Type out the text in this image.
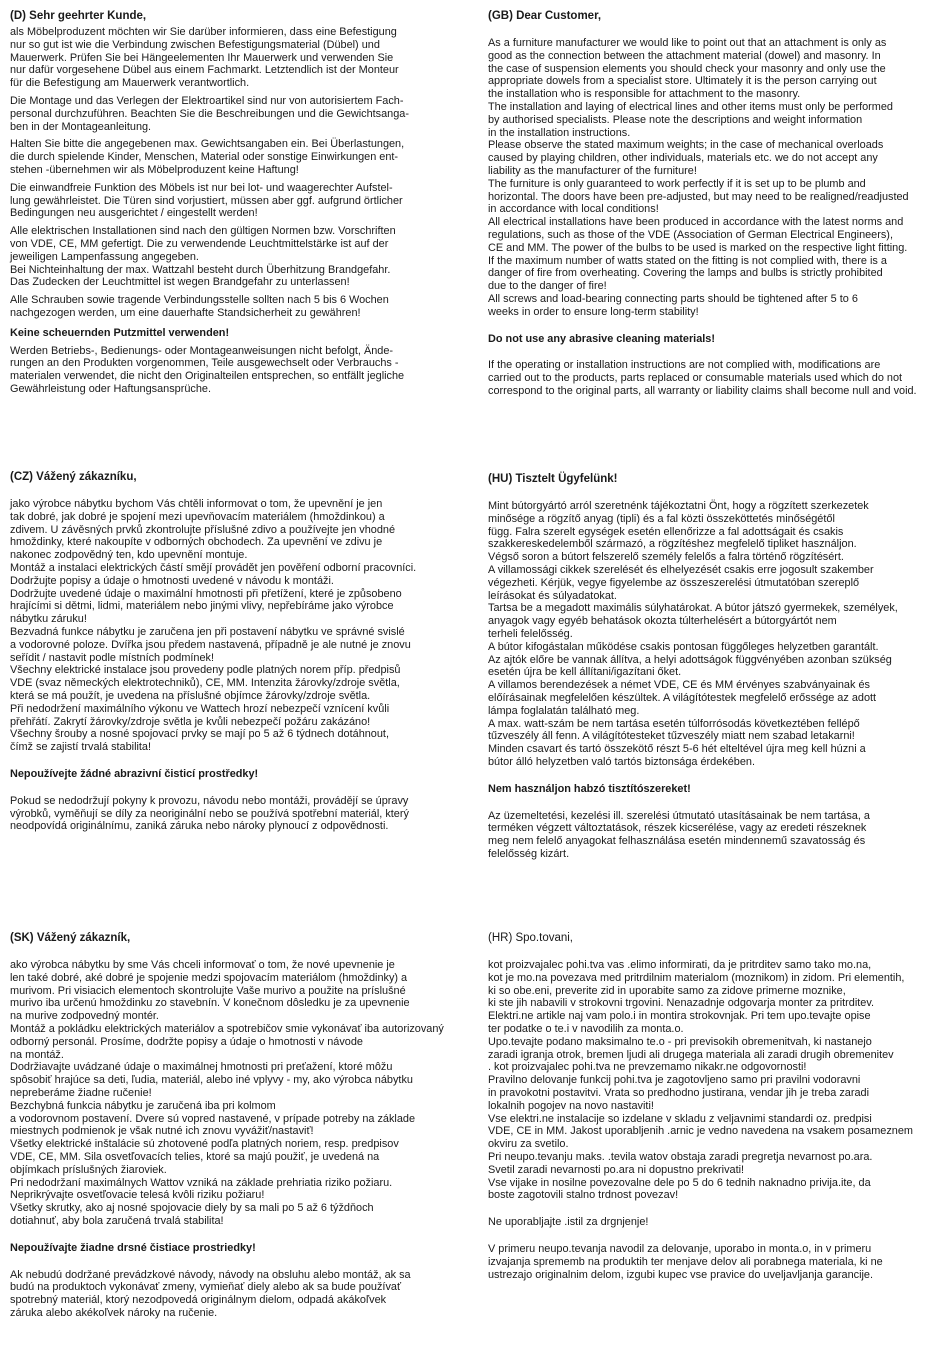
(D) Sehr geehrter Kunde,

als Möbelproduzent möchten wir Sie darüber informieren, dass eine Befestigung
nur so gut ist wie die Verbindung zwischen Befestigungsmaterial (Dübel) und
Mauerwerk. Prüfen Sie bei Hängeelementen Ihr Mauerwerk und verwenden Sie
nur dafür vorgesehene Dübel aus einem Fachmarkt. Letztendlich ist der Monteur
für die Befestigung am Mauerwerk verantwortlich.
Die Montage und das Verlegen der Elektroartikel sind nur von autorisiertem Fach-
personal durchzuführen. Beachten Sie die Beschreibungen und die Gewichtsanga-
ben in der Montageanleitung.
Halten Sie bitte die angegebenen max. Gewichtsangaben ein. Bei Überlastungen,
die durch spielende Kinder, Menschen, Material oder sonstige Einwirkungen ent-
stehen -übernehmen wir als Möbelproduzent keine Haftung!
Die einwandfreie Funktion des Möbels ist nur bei lot- und waagerechter Aufstel-
lung gewährleistet. Die Türen sind vorjustiert, müssen aber ggf. aufgrund örtlicher
Bedingungen neu ausgerichtet / eingestellt werden!
Alle elektrischen Installationen sind nach den gültigen Normen bzw. Vorschriften
von VDE, CE, MM gefertigt. Die zu verwendende Leuchtmittelstärke ist auf der
jeweiligen Lampenfassung angegeben.
Bei Nichteinhaltung der max. Wattzahl besteht durch Überhitzung Brandgefahr.
Das Zudecken der Leuchtmittel ist wegen Brandgefahr zu unterlassen!
Alle Schrauben sowie tragende Verbindungsstelle sollten nach 5 bis 6 Wochen
nachgezogen werden, um eine dauerhafte Standsicherheit zu gewähren!
Keine scheuernden Putzmittel verwenden!
Werden Betriebs-, Bedienungs- oder Montageanweisungen nicht befolgt, Ände-
rungen an den Produkten vorgenommen, Teile ausgewechselt oder Verbrauchs -
materialen verwendet, die nicht den Originalteilen entsprechen, so entfällt jegliche
Gewährleistung oder Haftungsansprüche.

(GB) Dear Customer,

As a furniture manufacturer we would like to point out that an attachment is only as
good as the connection between the attachment material (dowel) and masonry. In
the case of suspension elements you should check your masonry and only use the
appropriate dowels from a specialist store. Ultimately it is the person carrying out
the installation who is responsible for attachment to the masonry.
The installation and laying of electrical lines and other items must only be performed
by authorised specialists. Please note the descriptions and weight information
in the installation instructions.
Please observe the stated maximum weights; in the case of mechanical overloads
caused by playing children, other individuals, materials etc. we do not accept any
liability as the manufacturer of the furniture!
The furniture is only guaranteed to work perfectly if it is set up to be plumb and
horizontal. The doors have been pre-adjusted, but may need to be realigned/readjusted
in accordance with local conditions!
All electrical installations have been produced in accordance with the latest norms and
regulations, such as those of the VDE (Association of German Electrical Engineers),
CE and MM. The power of the bulbs to be used is marked on the respective light fitting.
If the maximum number of watts stated on the fitting is not complied with, there is a
danger of fire from overheating. Covering the lamps and bulbs is strictly prohibited
due to the danger of fire!
All screws and load-bearing connecting parts should be tightened after 5 to 6
weeks in order to ensure long-term stability!
Do not use any abrasive cleaning materials!
If the operating or installation instructions are not complied with, modifications are
carried out to the products, parts replaced or consumable materials used which do not
correspond to the original parts, all warranty or liability claims shall become null and void.

(CZ) Vážený zákazníku,

jako výrobce nábytku bychom Vás chtěli informovat o tom, že upevnění je jen
tak dobré, jak dobré je spojení mezi upevňovacím materiálem (hmoždinkou) a
zdivem. U závěsných prvků zkontrolujte příslušné zdivo a používejte jen vhodné
hmoždinky, které nakoupíte v odborných obchodech. Za upevnění ve zdivu je
nakonec zodpovědný ten, kdo upevnění montuje.
Montáž a instalaci elektrických částí smějí provádět jen pověření odborní pracovníci.
Dodržujte popisy a údaje o hmotnosti uvedené v návodu k montáži.
Dodržujte uvedené údaje o maximální hmotnosti při přetížení, které je způsobeno
hrajícími si dětmi, lidmi, materiálem nebo jinými vlivy, nepřebíráme jako výrobce
nábytku záruku!
Bezvadná funkce nábytku je zaručena jen při postavení nábytku ve správné svislé
a vodorovné poloze. Dvířka jsou předem nastavená, případně je ale nutné je znovu
seřídit / nastavit podle místních podmínek!
Všechny elektrické instalace jsou provedeny podle platných norem příp. předpisů
VDE (svaz německých elektrotechniků), CE, MM. Intenzita žárovky/zdroje světla,
která se má použít, je uvedena na příslušné objímce žárovky/zdroje světla.
Při nedodržení maximálního výkonu ve Wattech hrozí nebezpečí vznícení kvůli
přehřátí. Zakrytí žárovky/zdroje světla je kvůli nebezpečí požáru zakázáno!
Všechny šrouby a nosné spojovací prvky se mají po 5 až 6 týdnech dotáhnout,
čímž se zajistí trvalá stabilita!
Nepoužívejte žádné abrazivní čisticí prostředky!
Pokud se nedodržují pokyny k provozu, návodu nebo montáži, provádějí se úpravy
výrobků, vyměňují se díly za neoriginální nebo se používá spotřební materiál, který
neodpovídá originálnímu, zaniká záruka nebo nároky plynoucí z odpovědnosti.

(HU) Tisztelt Ügyfelünk!

Mint bútorgyártó arról szeretnénk tájékoztatni Önt, hogy a rögzített szerkezetek
minősége a rögzítő anyag (tipli) és a fal közti összeköttetés minőségétől
függ. Falra szerelt egységek esetén ellenőrizze a fal adottságait és csakis
szakkereskedelemből származó, a rögzítéshez megfelelő tipliket használjon.
Végső soron a bútort felszerelő személy felelős a falra történő rögzítésért.
A villamossági cikkek szerelését és elhelyezését csakis erre jogosult szakember
végezheti. Kérjük, vegye figyelembe az összeszerelési útmutatóban szereplő
leírásokat és súlyadatokat.
Tartsa be a megadott maximális súlyhatárokat. A bútor játszó gyermekek, személyek,
anyagok vagy egyéb behatások okozta túlterhelésért a bútorgyártót nem
terheli felelősség.
A bútor kifogástalan működése csakis pontosan függőleges helyzetben garantált.
Az ajtók előre be vannak állítva, a helyi adottságok függvényében azonban szükség
esetén újra be kell állítani/igazítani őket.
A villamos berendezések a német VDE, CE és MM érvényes szabványainak és
előírásainak megfelelően készültek. A világítótestek megfelelő erőssége az adott
lámpa foglalatán található meg.
A max. watt-szám be nem tartása esetén túlforrósodás következtében fellépő
tűzveszély áll fenn. A világítótesteket tűzveszély miatt nem szabad letakarni!
Minden csavart és tartó összekötő részt 5-6 hét elteltével újra meg kell húzni a
bútor álló helyzetben való tartós biztonsága érdekében.
Nem használjon habzó tisztítószereket!
Az üzemeltetési, kezelési ill. szerelési útmutató utasításainak be nem tartása, a
terméken végzett változtatások, részek kicserélése, vagy az eredeti részeknek
meg nem felelő anyagokat felhasználása esetén mindennemű szavatosság és
felelősség kizárt.

(SK) Vážený zákazník,

ako výrobca nábytku by sme Vás chceli informovať o tom, že nové upevnenie je
len také dobré, aké dobré je spojenie medzi spojovacím materiálom (hmoždinky) a
murivom. Pri visiacich elementoch skontrolujte Vaše murivo a použite na príslušné
murivo iba určenú hmoždinku zo stavebnín. V konečnom dôsledku je za upevnenie
na murive zodpovedný montér.
Montáž a pokládku elektrických materiálov a spotrebičov smie vykonávať iba autorizovaný
odborný personál. Prosíme, dodržte popisy a údaje o hmotnosti v návode
na montáž.
Dodržiavajte uvádzané údaje o maximálnej hmotnosti pri preťažení, ktoré môžu
spôsobiť hrajúce sa deti, ľudia, materiál, alebo iné vplyvy - my, ako výrobca nábytku
nepreberáme žiadne ručenie!
Bezchybná funkcia nábytku je zaručená iba pri kolmom
a vodorovnom postavení. Dvere sú vopred nastavené, v prípade potreby na základe
miestnych podmienok je však nutné ich znovu vyvážiť/nastaviť!
Všetky elektrické inštalácie sú zhotovené podľa platných noriem, resp. predpisov
VDE, CE, MM. Sila osvetľovacích telies, ktoré sa majú použiť, je uvedená na
objímkach príslušných žiaroviek.
Pri nedodržaní maximálnych Wattov vzniká na základe prehriatia riziko požiaru.
Neprikrývajte osvetľovacie telesá kvôli riziku požiaru!
Všetky skrutky, ako aj nosné spojovacie diely by sa mali po 5 až 6 týždňoch
dotiahnuť, aby bola zaručená trvalá stabilita!
Nepoužívajte žiadne drsné čistiace prostriedky!
Ak nebudú dodržané prevádzkové návody, návody na obsluhu alebo montáž, ak sa
budú na produktoch vykonávať zmeny, vymieňať diely alebo ak sa bude používať
spotrebný materiál, ktorý nezodpovedá originálnym dielom, odpadá akákoľvek
záruka alebo akékoľvek nároky na ručenie.

(HR) Spo.tovani,

kot proizvajalec pohi.tva vas .elimo informirati, da je pritrditev samo tako mo.na,
kot je mo.na povezava med pritrdilnim materialom (moznikom) in zidom. Pri elementih,
ki so obe.eni, preverite zid in uporabite samo za zidove primerne moznike,
ki ste jih nabavili v strokovni trgovini. Nenazadnje odgovarja monter za pritrditev.
Elektri.ne artikle naj vam polo.i in montira strokovnjak. Pri tem upo.tevajte opise
ter podatke o te.i v navodilih za monta.o.
Upo.tevajte podano maksimalno te.o - pri previsokih obremenitvah, ki nastanejo
zaradi igranja otrok, bremen ljudi ali drugega materiala ali zaradi drugih obremenitev
. kot proizvajalec pohi.tva ne prevzemamo nikakr.ne odgovornosti!
Pravilno delovanje funkcij pohi.tva je zagotovljeno samo pri pravilni vodoravni
in pravokotni postavitvi. Vrata so predhodno justirana, vendar jih je treba zaradi
lokalnih pogojev na novo nastaviti!
Vse elektri.ne instalacije so izdelane v skladu z veljavnimi standardi oz. predpisi
VDE, CE in MM. Jakost uporabljenih .arnic je vedno navedena na vsakem posameznem
okviru za svetilo.
Pri neupo.tevanju maks. .tevila watov obstaja zaradi pregretja nevarnost po.ara.
Svetil zaradi nevarnosti po.ara ni dopustno prekrivati!
Vse vijake in nosilne povezovalne dele po 5 do 6 tednih naknadno privija.ite, da
boste zagotovili stalno trdnost povezav!
Ne uporabljajte .istil za drgnjenje!
V primeru neupo.tevanja navodil za delovanje, uporabo in monta.o, in v primeru
izvajanja sprememb na produktih ter menjave delov ali porabnega materiala, ki ne
ustrezajo originalnim delom, izgubi kupec vse pravice do uveljavljanja garancije.
